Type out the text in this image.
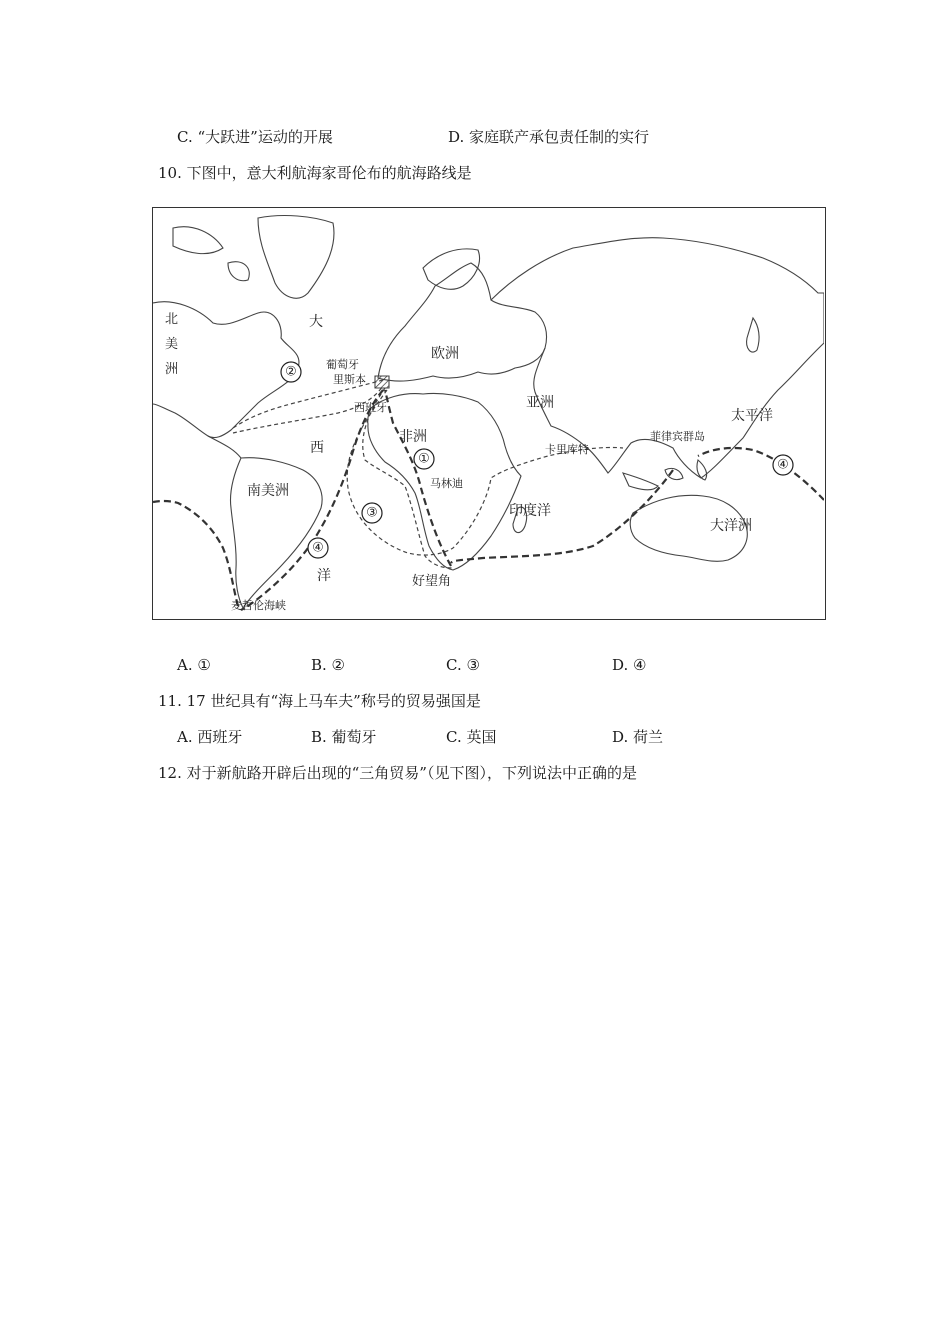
C. “大跃进”运动的开展	D. 家庭联产承包责任制的实行
10. 下图中，意大利航海家哥伦布的航海路线是
北
美
洲
大
西
洋
葡萄牙
里斯本
西班牙
欧洲
亚洲
非洲
南美洲	马林迪
卡里库特
印度洋
太平洋
菲律宾群岛
大洋洲
好望角
麦哲伦海峡
①
②
③
④
④
A. ①	B. ②	C. ③	D. ④
11. 17 世纪具有“海上马车夫”称号的贸易强国是
A. 西班牙	B. 葡萄牙	C. 英国	D. 荷兰
12. 对于新航路开辟后出现的“三角贸易”（见下图），下列说法中正确的是
